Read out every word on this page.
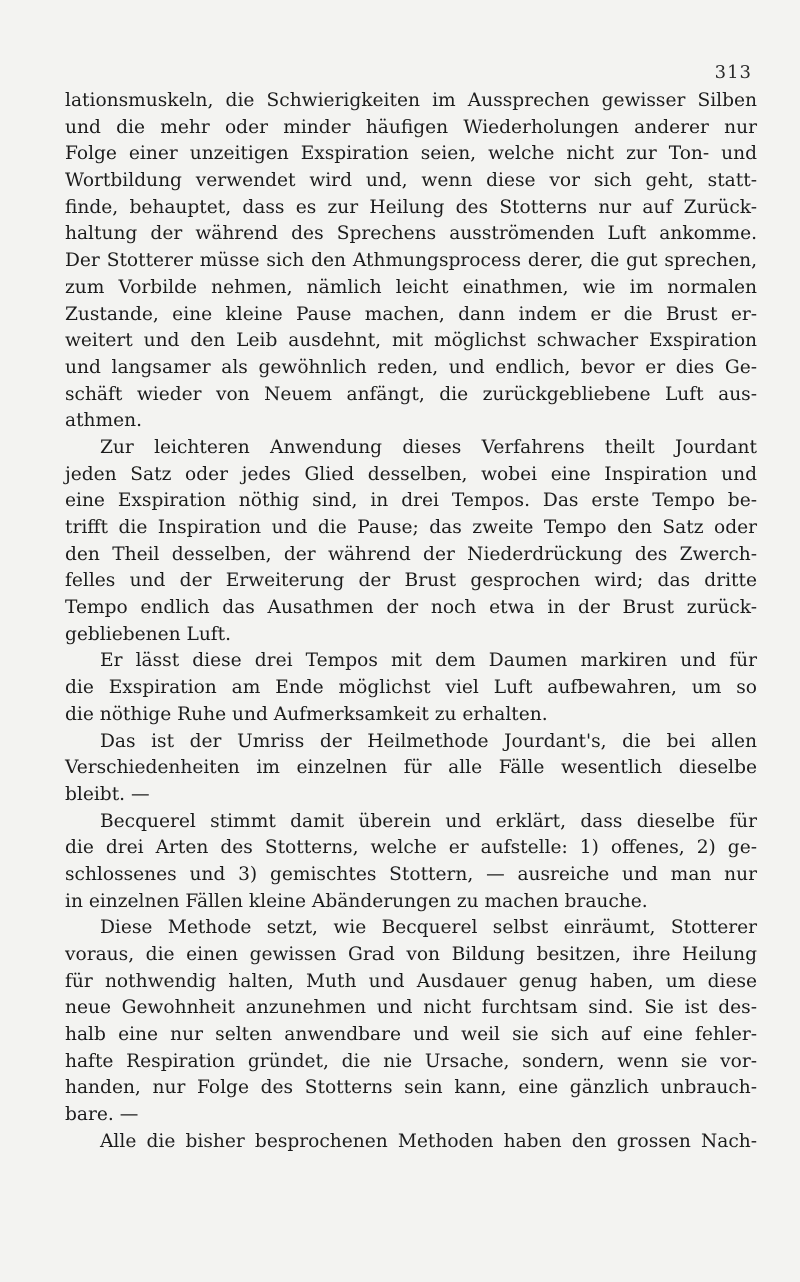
313
lationsmuskeln, die Schwierigkeiten im Aussprechen gewisser Silben
und die mehr oder minder häufigen Wiederholungen anderer nur
Folge einer unzeitigen Exspiration seien, welche nicht zur Ton- und
Wortbildung verwendet wird und, wenn diese vor sich geht, statt-
finde, behauptet, dass es zur Heilung des Stotterns nur auf Zurück-
haltung der während des Sprechens ausströmenden Luft ankomme.
Der Stotterer müsse sich den Athmungsprocess derer, die gut sprechen,
zum Vorbilde nehmen, nämlich leicht einathmen, wie im normalen
Zustande, eine kleine Pause machen, dann indem er die Brust er-
weitert und den Leib ausdehnt, mit möglichst schwacher Exspiration
und langsamer als gewöhnlich reden, und endlich, bevor er dies Ge-
schäft wieder von Neuem anfängt, die zurückgebliebene Luft aus-
athmen.
Zur leichteren Anwendung dieses Verfahrens theilt Jourdant
jeden Satz oder jedes Glied desselben, wobei eine Inspiration und
eine Exspiration nöthig sind, in drei Tempos. Das erste Tempo be-
trifft die Inspiration und die Pause; das zweite Tempo den Satz oder
den Theil desselben, der während der Niederdrückung des Zwerch-
felles und der Erweiterung der Brust gesprochen wird; das dritte
Tempo endlich das Ausathmen der noch etwa in der Brust zurück-
gebliebenen Luft.
Er lässt diese drei Tempos mit dem Daumen markiren und für
die Exspiration am Ende möglichst viel Luft aufbewahren, um so
die nöthige Ruhe und Aufmerksamkeit zu erhalten.
Das ist der Umriss der Heilmethode Jourdant's, die bei allen
Verschiedenheiten im einzelnen für alle Fälle wesentlich dieselbe
bleibt. —
Becquerel stimmt damit überein und erklärt, dass dieselbe für
die drei Arten des Stotterns, welche er aufstelle: 1) offenes, 2) ge-
schlossenes und 3) gemischtes Stottern, — ausreiche und man nur
in einzelnen Fällen kleine Abänderungen zu machen brauche.
Diese Methode setzt, wie Becquerel selbst einräumt, Stotterer
voraus, die einen gewissen Grad von Bildung besitzen, ihre Heilung
für nothwendig halten, Muth und Ausdauer genug haben, um diese
neue Gewohnheit anzunehmen und nicht furchtsam sind. Sie ist des-
halb eine nur selten anwendbare und weil sie sich auf eine fehler-
hafte Respiration gründet, die nie Ursache, sondern, wenn sie vor-
handen, nur Folge des Stotterns sein kann, eine gänzlich unbrauch-
bare. —
Alle die bisher besprochenen Methoden haben den grossen Nach-
